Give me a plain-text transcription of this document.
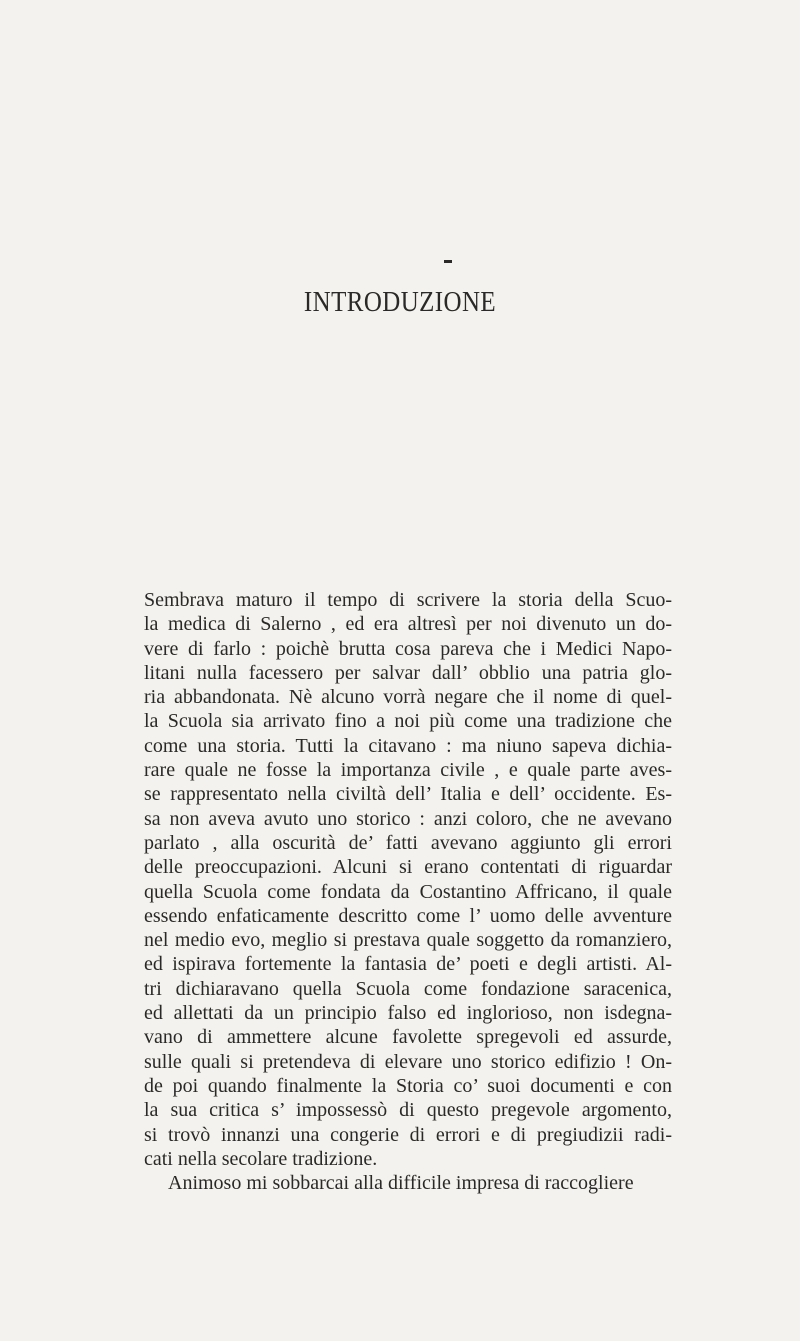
INTRODUZIONE
Sembrava maturo il tempo di scrivere la storia della Scuo-
la medica di Salerno , ed era altresì per noi divenuto un do-
vere di farlo : poichè brutta cosa pareva che i Medici Napo-
litani nulla facessero per salvar dall’ obblio una patria glo-
ria abbandonata. Nè alcuno vorrà negare che il nome di quel-
la Scuola sia arrivato fino a noi più come una tradizione che
come una storia. Tutti la citavano : ma niuno sapeva dichia-
rare quale ne fosse la importanza civile , e quale parte aves-
se rappresentato nella civiltà dell’ Italia e dell’ occidente. Es-
sa non aveva avuto uno storico : anzi coloro, che ne avevano
parlato , alla oscurità de’ fatti avevano aggiunto gli errori
delle preoccupazioni. Alcuni si erano contentati di riguardar
quella Scuola come fondata da Costantino Affricano, il quale
essendo enfaticamente descritto come l’ uomo delle avventure
nel medio evo, meglio si prestava quale soggetto da romanziero,
ed ispirava fortemente la fantasia de’ poeti e degli artisti. Al-
tri dichiaravano quella Scuola come fondazione saracenica,
ed allettati da un principio falso ed inglorioso, non isdegna-
vano di ammettere alcune favolette spregevoli ed assurde,
sulle quali si pretendeva di elevare uno storico edifizio ! On-
de poi quando finalmente la Storia co’ suoi documenti e con
la sua critica s’ impossessò di questo pregevole argomento,
si trovò innanzi una congerie di errori e di pregiudizii radi-
cati nella secolare tradizione.
Animoso mi sobbarcai alla difficile impresa di raccogliere
